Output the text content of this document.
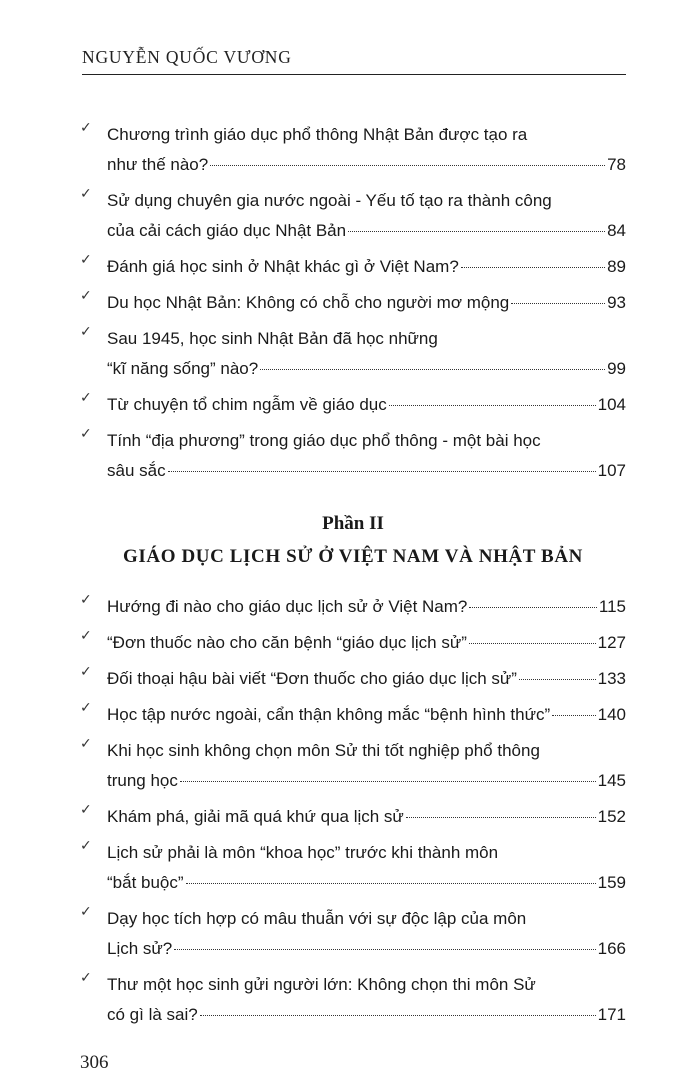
NGUYỄN QUỐC VƯƠNG
✓ Chương trình giáo dục phổ thông Nhật Bản được tạo ra
như thế nào?	78
✓ Sử dụng chuyên gia nước ngoài - Yếu tố tạo ra thành công
của cải cách giáo dục Nhật Bản	84
✓ Đánh giá học sinh ở Nhật khác gì ở Việt Nam?	89
✓ Du học Nhật Bản: Không có chỗ cho người mơ mộng	93
✓ Sau 1945, học sinh Nhật Bản đã học những
“kĩ năng sống” nào?	99
✓ Từ chuyện tổ chim ngẫm về giáo dục	104
✓ Tính “địa phương” trong giáo dục phổ thông - một bài học
sâu sắc	107
Phần II
GIÁO DỤC LỊCH SỬ Ở VIỆT NAM VÀ NHẬT BẢN
✓ Hướng đi nào cho giáo dục lịch sử ở Việt Nam?	115
✓ “Đơn thuốc nào cho căn bệnh “giáo dục lịch sử”	127
✓ Đối thoại hậu bài viết “Đơn thuốc cho giáo dục lịch sử”	133
✓ Học tập nước ngoài, cẩn thận không mắc “bệnh hình thức”	140
✓ Khi học sinh không chọn môn Sử thi tốt nghiệp phổ thông
trung học	145
✓ Khám phá, giải mã quá khứ qua lịch sử	152
✓ Lịch sử phải là môn “khoa học” trước khi thành môn
“bắt buộc”	159
✓ Dạy học tích hợp có mâu thuẫn với sự độc lập của môn
Lịch sử?	166
✓ Thư một học sinh gửi người lớn: Không chọn thi môn Sử
có gì là sai?	171
306
